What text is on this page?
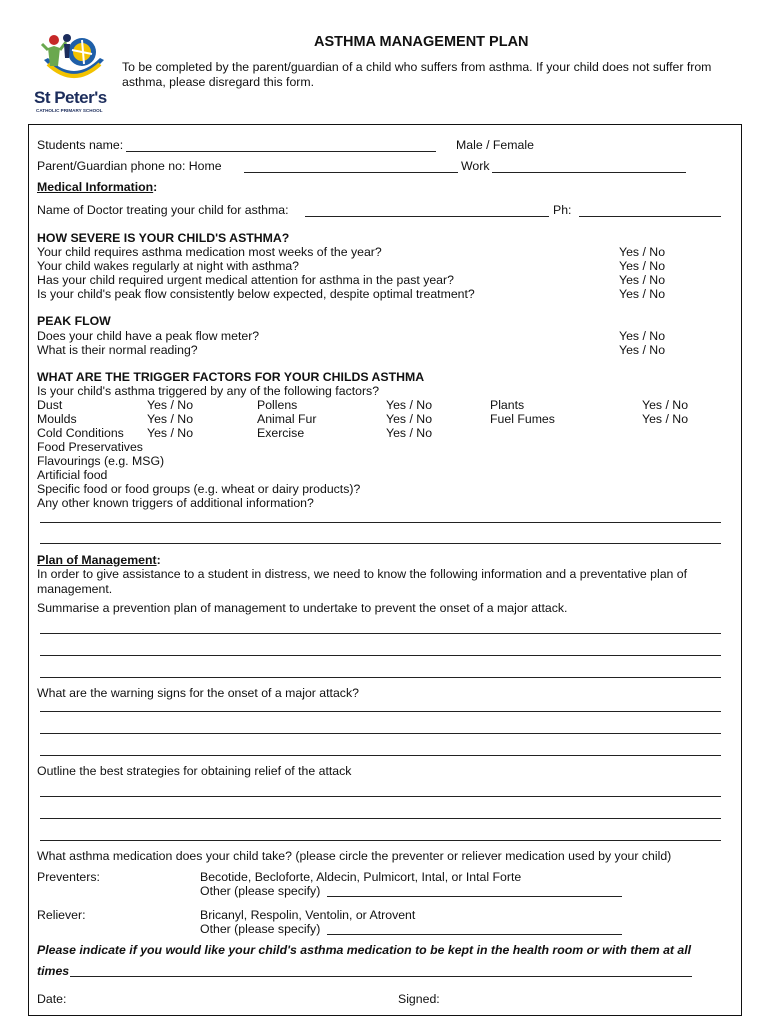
St Peter's
CATHOLIC PRIMARY SCHOOL
ASTHMA MANAGEMENT PLAN
To be completed by the parent/guardian of a child who suffers from asthma. If your child does not suffer from asthma, please disregard this form.
Students name:	Male / Female
Parent/Guardian phone no: Home	Work
Medical Information:
Name of Doctor treating your child for asthma:	Ph:
HOW SEVERE IS YOUR CHILD'S ASTHMA?
Your child requires asthma medication most weeks of the year?	Yes / No
Your child wakes regularly at night with asthma?	Yes / No
Has your child required urgent medical attention for asthma in the past year?	Yes / No
Is your child's peak flow consistently below expected, despite optimal treatment?	Yes / No
PEAK FLOW
Does your child have a peak flow meter?	Yes / No
What is their normal reading?	Yes / No
WHAT ARE THE TRIGGER FACTORS FOR YOUR CHILDS ASTHMA
Is your child's asthma triggered by any of the following factors?
Dust	Yes / No	Pollens	Yes / No	Plants	Yes / No
Moulds	Yes / No	Animal Fur	Yes / No	Fuel Fumes	Yes / No
Cold Conditions Yes / No	Exercise	Yes / No
Food Preservatives
Flavourings (e.g. MSG)
Artificial food
Specific food or food groups (e.g. wheat or dairy products)?
Any other known triggers of additional information?
Plan of Management:
In order to give assistance to a student in distress, we need to know the following information and a preventative plan of management.
Summarise a prevention plan of management to undertake to prevent the onset of a major attack.
What are the warning signs for the onset of a major attack?
Outline the best strategies for obtaining relief of the attack
What asthma medication does your child take? (please circle the preventer or reliever medication used by your child)
Preventers:	Becotide, Becloforte, Aldecin, Pulmicort, Intal, or Intal Forte
Other (please specify)
Reliever:	Bricanyl, Respolin, Ventolin, or Atrovent
Other (please specify)
Please indicate if you would like your child's asthma medication to be kept in the health room or with them at all
times
Date:	Signed:
